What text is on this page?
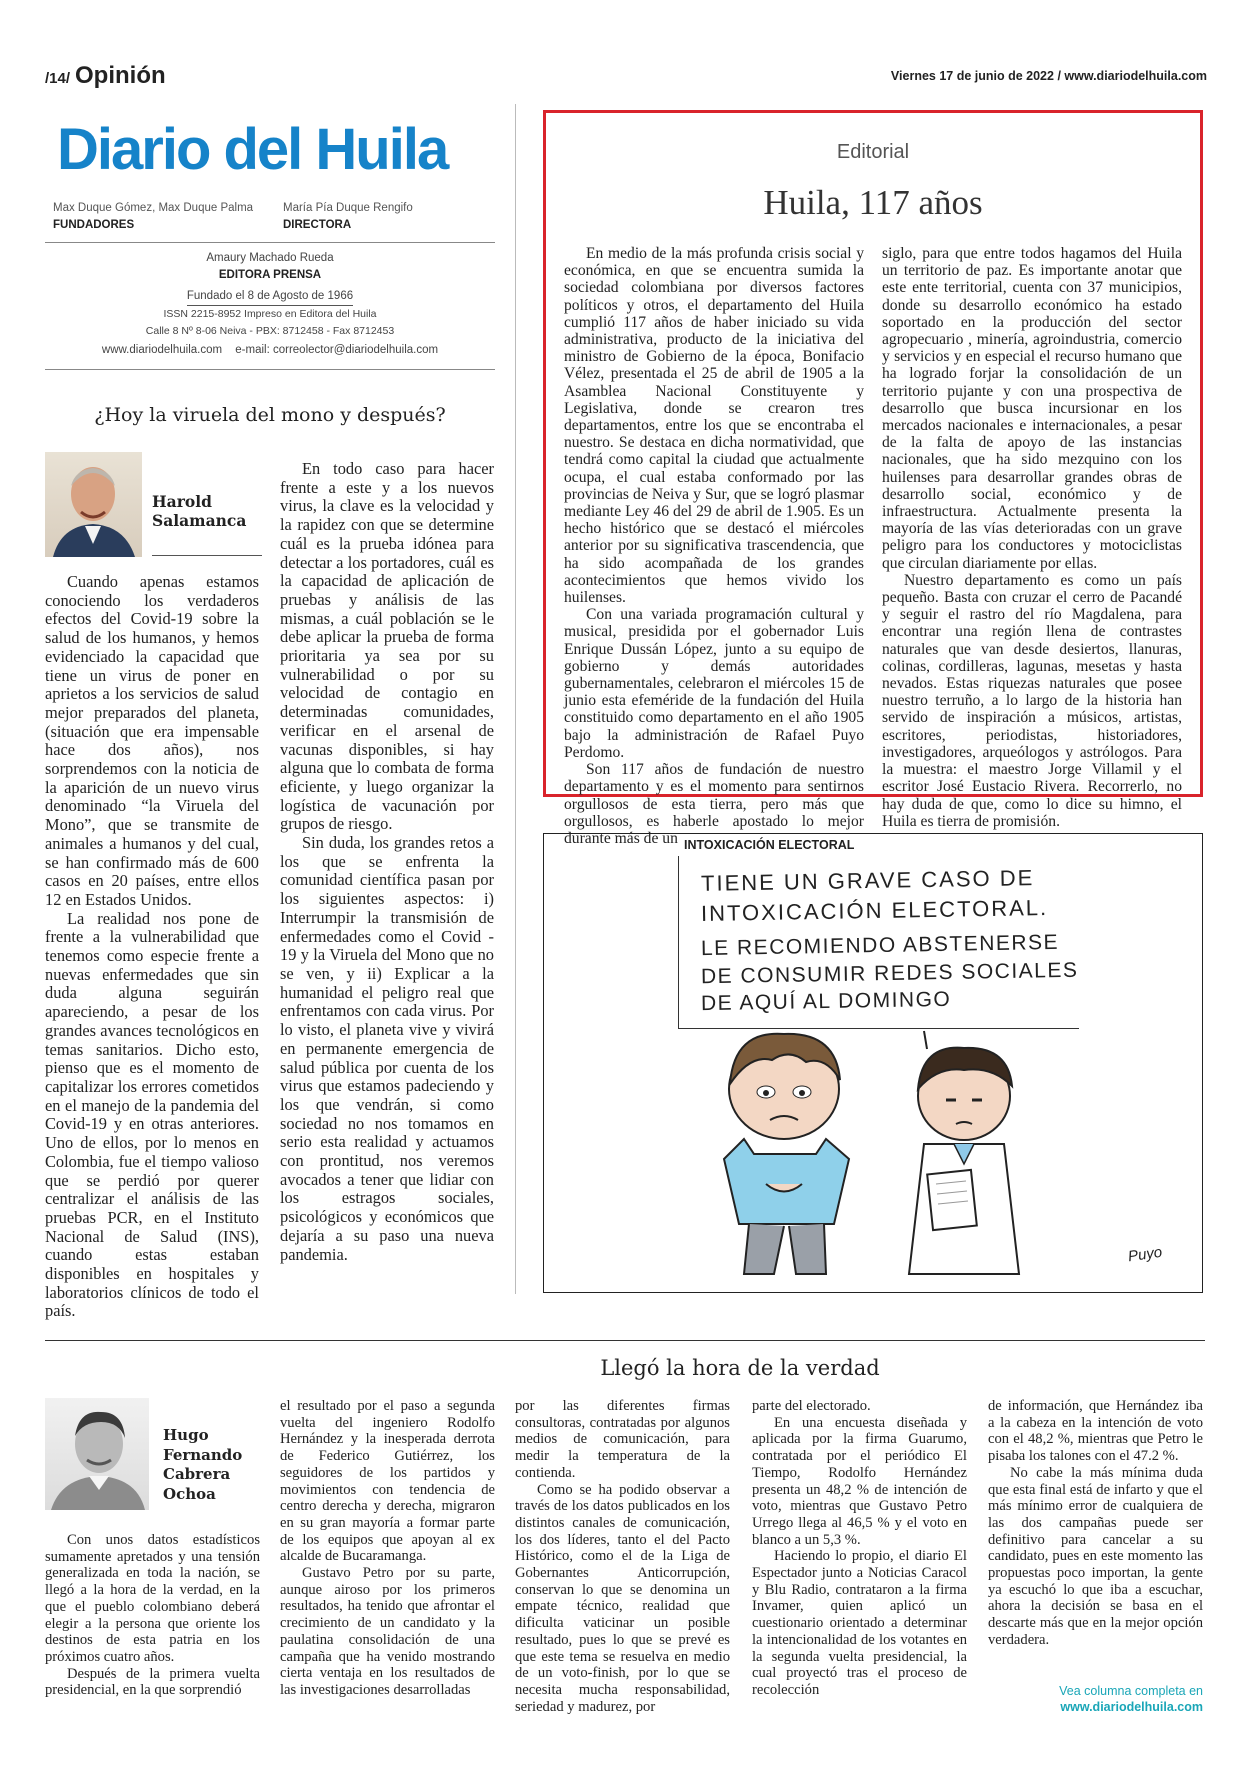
/14/ Opinión	Viernes 17 de junio de 2022 / www.diariodelhuila.com
Diario del Huila
Max Duque Gómez, Max Duque Palma
FUNDADORES
María Pía Duque Rengifo
DIRECTORA
Amaury Machado Rueda
EDITORA PRENSA
Fundado el 8 de Agosto de 1966
ISSN 2215-8952 Impreso en Editora del Huila
Calle 8 Nº 8-06 Neiva - PBX: 8712458 - Fax 8712453
www.diariodelhuila.com e-mail: correolector@diariodelhuila.com
Editorial
Huila, 117 años

En medio de la más profunda crisis social y económica, en que se encuentra sumida la sociedad colombiana por diversos factores políticos y otros, el departamento del Huila cumplió 117 años de haber iniciado su vida administrativa, producto de la iniciativa del ministro de Gobierno de la época, Bonifacio Vélez, presentada el 25 de abril de 1905 a la Asamblea Nacional Constituyente y Legislativa, donde se crearon tres departamentos, entre los que se encontraba el nuestro. Se destaca en dicha normatividad, que tendrá como capital la ciudad que actualmente ocupa, el cual estaba conformado por las provincias de Neiva y Sur, que se logró plasmar mediante Ley 46 del 29 de abril de 1.905. Es un hecho histórico que se destacó el miércoles anterior por su significativa trascendencia, que ha sido acompañada de los grandes acontecimientos que hemos vivido los huilenses.

Con una variada programación cultural y musical, presidida por el gobernador Luis Enrique Dussán López, junto a su equipo de gobierno y demás autoridades gubernamentales, celebraron el miércoles 15 de junio esta efeméride de la fundación del Huila constituido como departamento en el año 1905 bajo la administración de Rafael Puyo Perdomo.

Son 117 años de fundación de nuestro departamento y es el momento para sentirnos orgullosos de esta tierra, pero más que orgullosos, es haberle apostado lo mejor durante más de un

siglo, para que entre todos hagamos del Huila un territorio de paz. Es importante anotar que este ente territorial, cuenta con 37 municipios, donde su desarrollo económico ha estado soportado en la producción del sector agropecuario , minería, agroindustria, comercio y servicios y en especial el recurso humano que ha logrado forjar la consolidación de un territorio pujante y con una prospectiva de desarrollo que busca incursionar en los mercados nacionales e internacionales, a pesar de la falta de apoyo de las instancias nacionales, que ha sido mezquino con los huilenses para desarrollar grandes obras de desarrollo social, económico y de infraestructura. Actualmente presenta la mayoría de las vías deterioradas con un grave peligro para los conductores y motociclistas que circulan diariamente por ellas.

Nuestro departamento es como un país pequeño. Basta con cruzar el cerro de Pacandé y seguir el rastro del río Magdalena, para encontrar una región llena de contrastes naturales que van desde desiertos, llanuras, colinas, cordilleras, lagunas, mesetas y hasta nevados. Estas riquezas naturales que posee nuestro terruño, a lo largo de la historia han servido de inspiración a músicos, artistas, escritores, periodistas, historiadores, investigadores, arqueólogos y astrólogos. Para la muestra: el maestro Jorge Villamil y el escritor José Eustacio Rivera. Recorrerlo, no hay duda de que, como lo dice su himno, el Huila es tierra de promisión.

¿Hoy la viruela del mono y después?
Harold Salamanca

Cuando apenas estamos conociendo los verdaderos efectos del Covid-19 sobre la salud de los humanos, y hemos evidenciado la capacidad que tiene un virus de poner en aprietos a los servicios de salud mejor preparados del planeta, (situación que era impensable hace dos años), nos sorprendemos con la noticia de la aparición de un nuevo virus denominado “la Viruela del Mono”, que se transmite de animales a humanos y del cual, se han confirmado más de 600 casos en 20 países, entre ellos 12 en Estados Unidos.

La realidad nos pone de frente a la vulnerabilidad que tenemos como especie frente a nuevas enfermedades que sin duda alguna seguirán apareciendo, a pesar de los grandes avances tecnológicos en temas sanitarios. Dicho esto, pienso que es el momento de capitalizar los errores cometidos en el manejo de la pandemia del Covid-19 y en otras anteriores. Uno de ellos, por lo menos en Colombia, fue el tiempo valioso que se perdió por querer centralizar el análisis de las pruebas PCR, en el Instituto Nacional de Salud (INS), cuando estas estaban disponibles en hospitales y laboratorios clínicos de todo el país.

En todo caso para hacer frente a este y a los nuevos virus, la clave es la velocidad y la rapidez con que se determine cuál es la prueba idónea para detectar a los portadores, cuál es la capacidad de aplicación de pruebas y análisis de las mismas, a cuál población se le debe aplicar la prueba de forma prioritaria ya sea por su vulnerabilidad o por su velocidad de contagio en determinadas comunidades, verificar en el arsenal de vacunas disponibles, si hay alguna que lo combata de forma eficiente, y luego organizar la logística de vacunación por grupos de riesgo.

Sin duda, los grandes retos a los que se enfrenta la comunidad científica pasan por los siguientes aspectos: i) Interrumpir la transmisión de enfermedades como el Covid - 19 y la Viruela del Mono que no se ven, y ii) Explicar a la humanidad el peligro real que enfrentamos con cada virus. Por lo visto, el planeta vive y vivirá en permanente emergencia de salud pública por cuenta de los virus que estamos padeciendo y los que vendrán, si como sociedad no nos tomamos en serio esta realidad y actuamos con prontitud, nos veremos avocados a tener que lidiar con los estragos sociales, psicológicos y económicos que dejaría a su paso una nueva pandemia.

INTOXICACIÓN ELECTORAL
TIENE UN GRAVE CASO DE
INTOXICACIÓN ELECTORAL.
LE RECOMIENDO ABSTENERSE
DE CONSUMIR REDES SOCIALES
DE AQUÍ AL DOMINGO
Puyo
Llegó la hora de la verdad
Hugo
Fernando
Cabrera
Ochoa

Con unos datos estadísticos sumamente apretados y una tensión generalizada en toda la nación, se llegó a la hora de la verdad, en la que el pueblo colombiano deberá elegir a la persona que oriente los destinos de esta patria en los próximos cuatro años.

Después de la primera vuelta presidencial, en la que sorprendió

el resultado por el paso a segunda vuelta del ingeniero Rodolfo Hernández y la inesperada derrota de Federico Gutiérrez, los seguidores de los partidos y movimientos con tendencia de centro derecha y derecha, migraron en su gran mayoría a formar parte de los equipos que apoyan al ex alcalde de Bucaramanga.

Gustavo Petro por su parte, aunque airoso por los primeros resultados, ha tenido que afrontar el crecimiento de un candidato y la paulatina consolidación de una campaña que ha venido mostrando cierta ventaja en los resultados de las investigaciones desarrolladas

por las diferentes firmas consultoras, contratadas por algunos medios de comunicación, para medir la temperatura de la contienda.

Como se ha podido observar a través de los datos publicados en los distintos canales de comunicación, los dos líderes, tanto el del Pacto Histórico, como el de la Liga de Gobernantes Anticorrupción, conservan lo que se denomina un empate técnico, realidad que dificulta vaticinar un posible resultado, pues lo que se prevé es que este tema se resuelva en medio de un voto-finish, por lo que se necesita mucha responsabilidad, seriedad y madurez, por

parte del electorado.

En una encuesta diseñada y aplicada por la firma Guarumo, contratada por el periódico El Tiempo, Rodolfo Hernández presenta un 48,2 % de intención de voto, mientras que Gustavo Petro Urrego llega al 46,5 % y el voto en blanco a un 5,3 %.

Haciendo lo propio, el diario El Espectador junto a Noticias Caracol y Blu Radio, contrataron a la firma Invamer, quien aplicó un cuestionario orientado a determinar la intencionalidad de los votantes en la segunda vuelta presidencial, la cual proyectó tras el proceso de recolección

de información, que Hernández iba a la cabeza en la intención de voto con el 48,2 %, mientras que Petro le pisaba los talones con el 47.2 %.

No cabe la más mínima duda que esta final está de infarto y que el más mínimo error de cualquiera de las dos campañas puede ser definitivo para cancelar a su candidato, pues en este momento las propuestas poco importan, la gente ya escuchó lo que iba a escuchar, ahora la decisión se basa en el descarte más que en la mejor opción verdadera.

Vea columna completa en
www.diariodelhuila.com
